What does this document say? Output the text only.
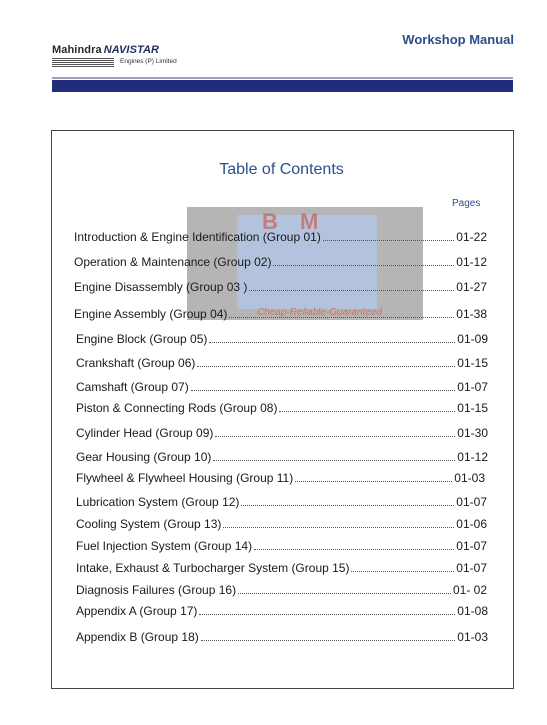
Mahindra NAVISTAR
Engines (P) Limited
Workshop Manual
Table of Contents
Pages
B M
Cheap-Reliable-Guaranteed
Introduction & Engine Identification (Group 01)	01-22
Operation & Maintenance (Group 02)	01-12
Engine Disassembly (Group 03 )	01-27
Engine Assembly (Group 04)	01-38
Engine Block (Group 05)	01-09
Crankshaft (Group 06)	01-15
Camshaft (Group 07)	01-07
Piston & Connecting Rods (Group 08)	01-15
Cylinder Head (Group 09)	01-30
Gear Housing (Group 10)	01-12
Flywheel & Flywheel Housing (Group 11)	01-03
Lubrication System (Group 12)	01-07
Cooling System (Group 13)	01-06
Fuel Injection System (Group 14)	01-07
Intake, Exhaust & Turbocharger System (Group 15)	01-07
Diagnosis Failures (Group 16)	01- 02
Appendix A (Group 17)	01-08
Appendix B (Group 18)	01-03
